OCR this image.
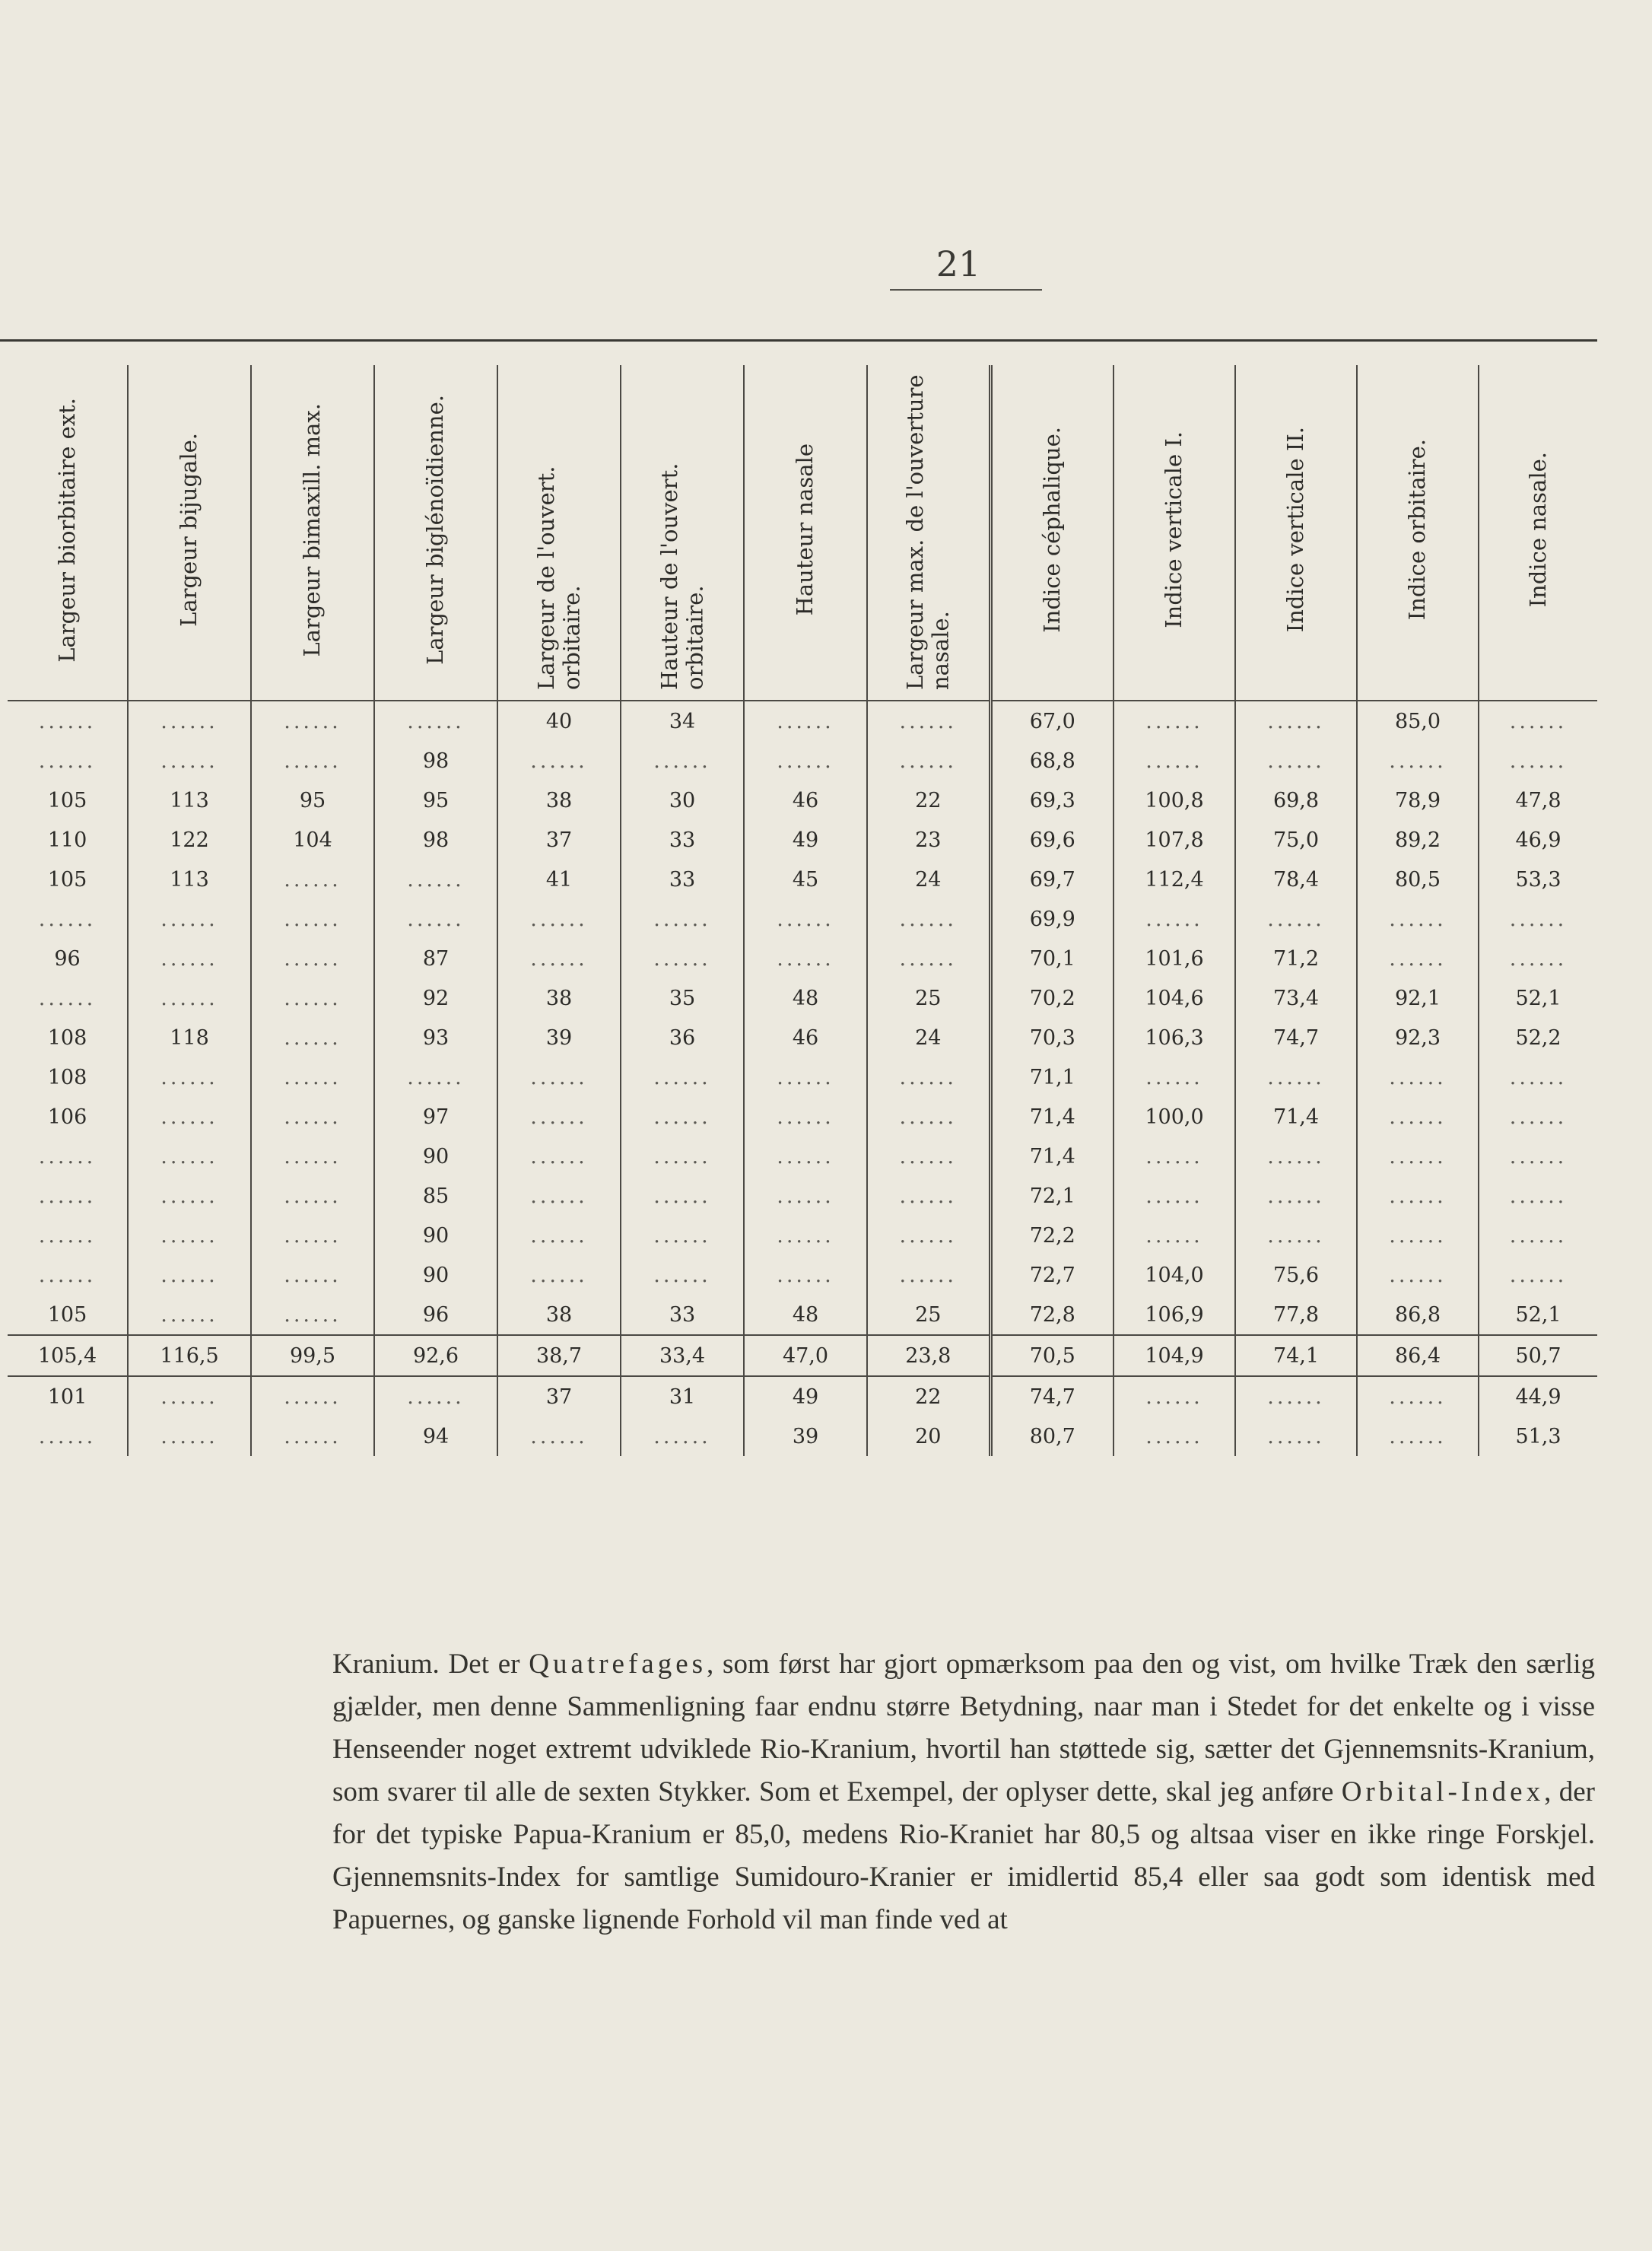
21
Largeur biorbitaire ext.	Largeur bijugale.	Largeur bimaxill. max.	Largeur biglénoïdienne.	Largeur de l'ouvert. orbitaire.	Hauteur de l'ouvert. orbitaire.	Hauteur nasale	Largeur max. de l'ouverture nasale.	Indice céphalique.	Indice verticale I.	Indice verticale II.	Indice orbitaire.	Indice nasale.
......	......	......	......	40	34	......	......	67,0	......	......	85,0	......
......	......	......	98	......	......	......	......	68,8	......	......	......	......
105	113	95	95	38	30	46	22	69,3	100,8	69,8	78,9	47,8
110	122	104	98	37	33	49	23	69,6	107,8	75,0	89,2	46,9
105	113	......	......	41	33	45	24	69,7	112,4	78,4	80,5	53,3
......	......	......	......	......	......	......	......	69,9	......	......	......	......
96	......	......	87	......	......	......	......	70,1	101,6	71,2	......	......
......	......	......	92	38	35	48	25	70,2	104,6	73,4	92,1	52,1
108	118	......	93	39	36	46	24	70,3	106,3	74,7	92,3	52,2
108	......	......	......	......	......	......	......	71,1	......	......	......	......
106	......	......	97	......	......	......	......	71,4	100,0	71,4	......	......
......	......	......	90	......	......	......	......	71,4	......	......	......	......
......	......	......	85	......	......	......	......	72,1	......	......	......	......
......	......	......	90	......	......	......	......	72,2	......	......	......	......
......	......	......	90	......	......	......	......	72,7	104,0	75,6	......	......
105	......	......	96	38	33	48	25	72,8	106,9	77,8	86,8	52,1
105,4	116,5	99,5	92,6	38,7	33,4	47,0	23,8	70,5	104,9	74,1	86,4	50,7
101	......	......	......	37	31	49	22	74,7	......	......	......	44,9
......	......	......	94	......	......	39	20	80,7	......	......	......	51,3

Kranium. Det er Quatrefages, som først har gjort opmærksom paa den og vist, om hvilke Træk den særlig gjælder, men denne Sammenligning faar endnu større Betydning, naar man i Stedet for det enkelte og i visse Henseender noget extremt udviklede Rio-Kranium, hvortil han støttede sig, sætter det Gjennemsnits-Kranium, som svarer til alle de sexten Stykker. Som et Exempel, der oplyser dette, skal jeg anføre Orbital-Index, der for det typiske Papua-Kranium er 85,0, medens Rio-Kraniet har 80,5 og altsaa viser en ikke ringe Forskjel. Gjennemsnits-Index for samtlige Sumidouro-Kranier er imidlertid 85,4 eller saa godt som identisk med Papuernes, og ganske lignende Forhold vil man finde ved at
